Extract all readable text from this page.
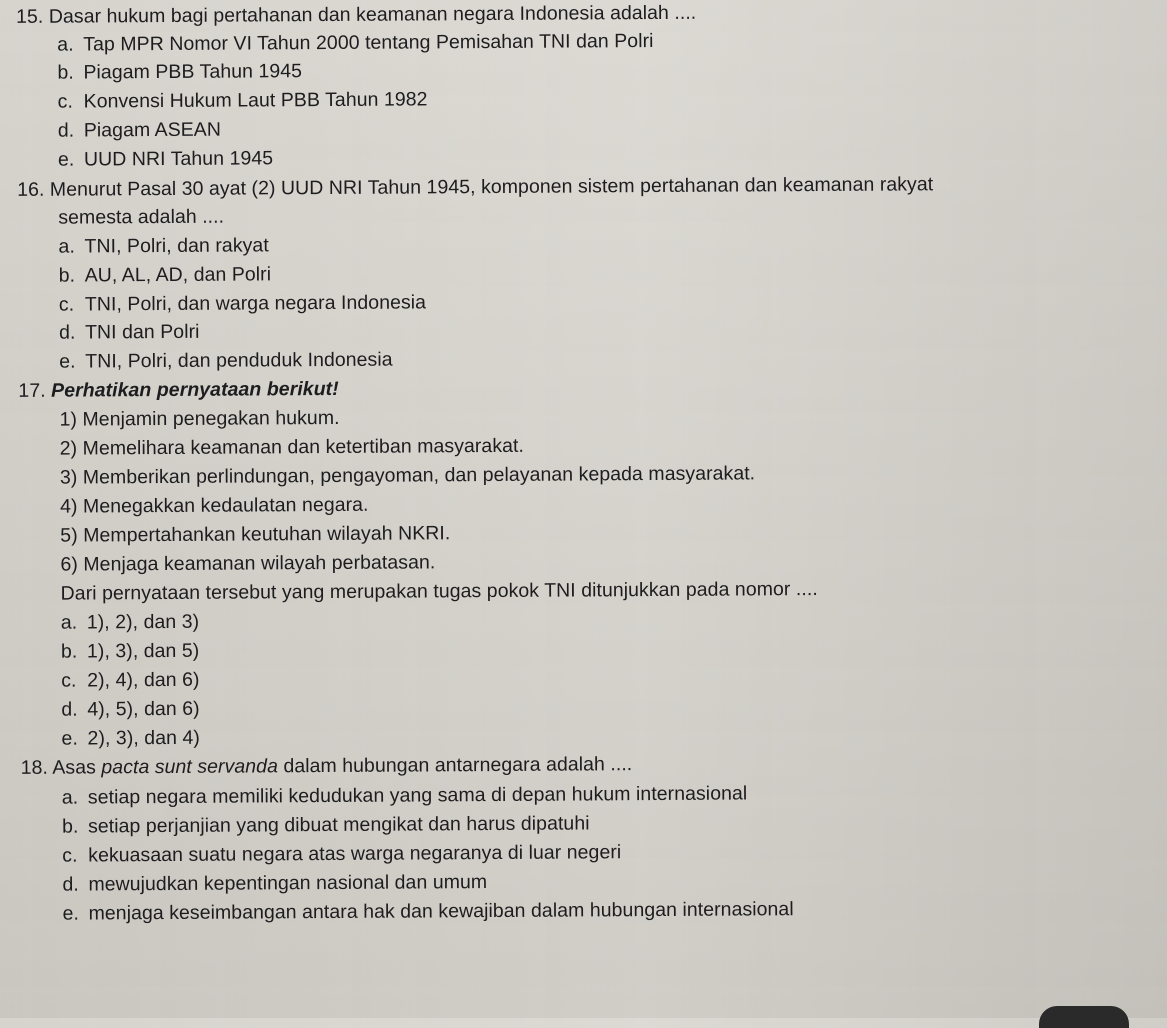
15. Dasar hukum bagi pertahanan dan keamanan negara Indonesia adalah ....
a. Tap MPR Nomor VI Tahun 2000 tentang Pemisahan TNI dan Polri
b. Piagam PBB Tahun 1945
c. Konvensi Hukum Laut PBB Tahun 1982
d. Piagam ASEAN
e. UUD NRI Tahun 1945
16. Menurut Pasal 30 ayat (2) UUD NRI Tahun 1945, komponen sistem pertahanan dan keamanan rakyat
semesta adalah ....
a. TNI, Polri, dan rakyat
b. AU, AL, AD, dan Polri
c. TNI, Polri, dan warga negara Indonesia
d. TNI dan Polri
e. TNI, Polri, dan penduduk Indonesia
17. Perhatikan pernyataan berikut!
1) Menjamin penegakan hukum.
2) Memelihara keamanan dan ketertiban masyarakat.
3) Memberikan perlindungan, pengayoman, dan pelayanan kepada masyarakat.
4) Menegakkan kedaulatan negara.
5) Mempertahankan keutuhan wilayah NKRI.
6) Menjaga keamanan wilayah perbatasan.
Dari pernyataan tersebut yang merupakan tugas pokok TNI ditunjukkan pada nomor ....
a. 1), 2), dan 3)
b. 1), 3), dan 5)
c. 2), 4), dan 6)
d. 4), 5), dan 6)
e. 2), 3), dan 4)
18. Asas pacta sunt servanda dalam hubungan antarnegara adalah ....
a. setiap negara memiliki kedudukan yang sama di depan hukum internasional
b. setiap perjanjian yang dibuat mengikat dan harus dipatuhi
c. kekuasaan suatu negara atas warga negaranya di luar negeri
d. mewujudkan kepentingan nasional dan umum
e. menjaga keseimbangan antara hak dan kewajiban dalam hubungan internasional
